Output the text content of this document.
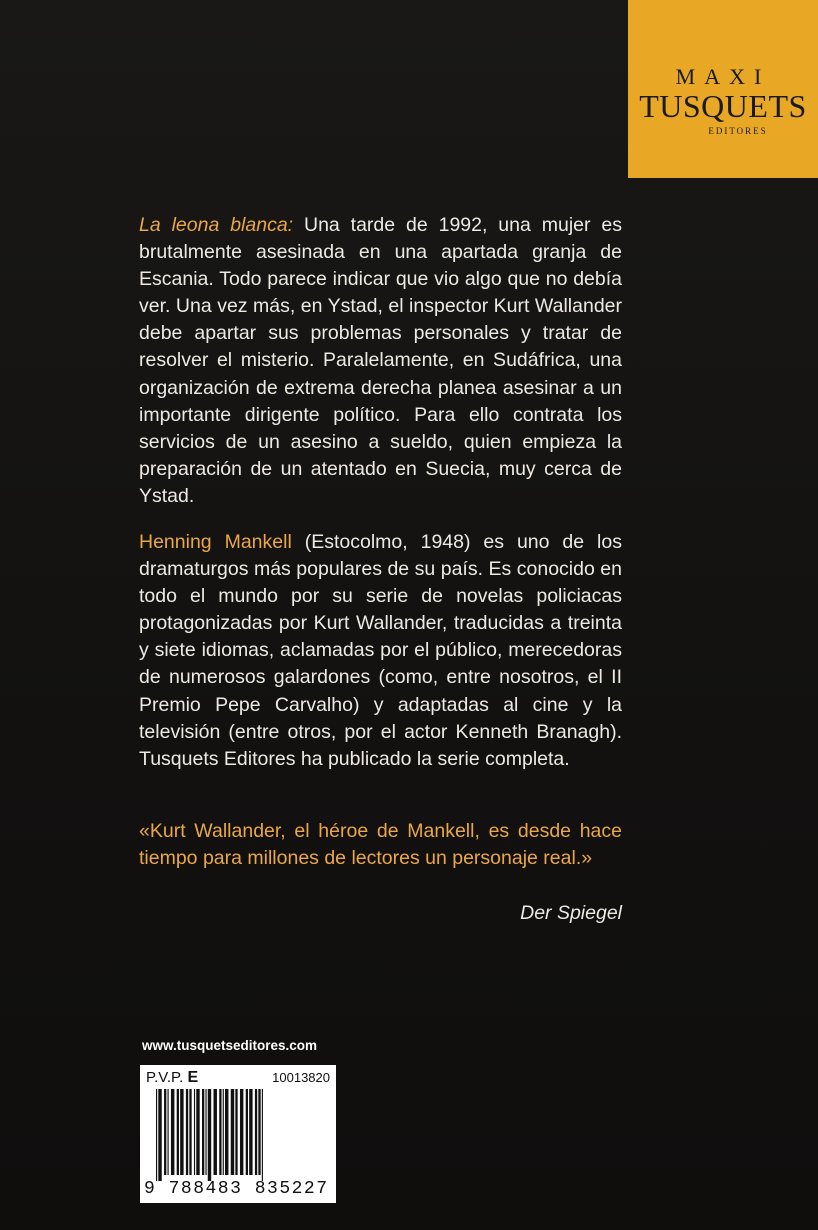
MAXI
TUSQUETS
EDITORES
La leona blanca: Una tarde de 1992, una mujer es brutalmente asesinada en una apartada granja de Escania. Todo parece indicar que vio algo que no debía ver. Una vez más, en Ystad, el inspector Kurt Wallander debe apartar sus problemas personales y tratar de resolver el misterio. Paralelamente, en Sudáfrica, una organización de extrema derecha planea asesinar a un importante dirigente político. Para ello contrata los servicios de un asesino a sueldo, quien empieza la preparación de un atentado en Suecia, muy cerca de Ystad.
Henning Mankell (Estocolmo, 1948) es uno de los dramaturgos más populares de su país. Es conocido en todo el mundo por su serie de novelas policiacas protagonizadas por Kurt Wallander, traducidas a treinta y siete idiomas, aclamadas por el público, merecedoras de numerosos galardones (como, entre nosotros, el II Premio Pepe Carvalho) y adaptadas al cine y la televisión (entre otros, por el actor Kenneth Branagh). Tusquets Editores ha publicado la serie completa.
«Kurt Wallander, el héroe de Mankell, es desde hace tiempo para millones de lectores un personaje real.»
Der Spiegel
www.tusquetseditores.com
P.V.P. E	10013820
9 788483 835227
